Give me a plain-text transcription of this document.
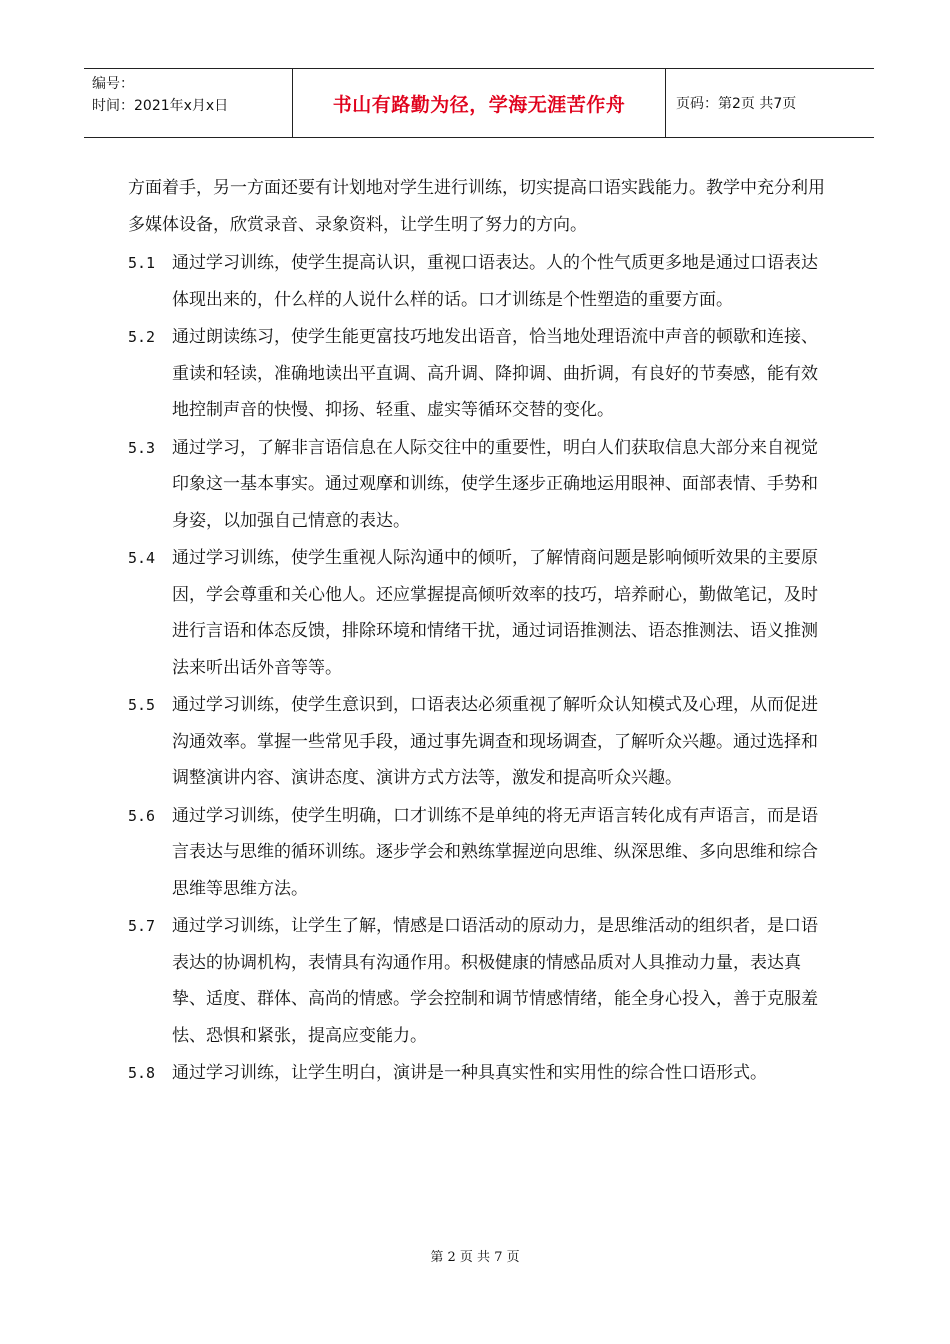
编号：
时间：2021年x月x日	书山有路勤为径，学海无涯苦作舟	页码：第2页 共7页

方面着手，另一方面还要有计划地对学生进行训练，切实提高口语实践能力。教学中充分利用多媒体设备，欣赏录音、录象资料，让学生明了努力的方向。

5.1 通过学习训练，使学生提高认识，重视口语表达。人的个性气质更多地是通过口语表达体现出来的，什么样的人说什么样的话。口才训练是个性塑造的重要方面。
5.2 通过朗读练习，使学生能更富技巧地发出语音，恰当地处理语流中声音的顿歇和连接、重读和轻读，准确地读出平直调、高升调、降抑调、曲折调，有良好的节奏感，能有效地控制声音的快慢、抑扬、轻重、虚实等循环交替的变化。
5.3 通过学习，了解非言语信息在人际交往中的重要性，明白人们获取信息大部分来自视觉印象这一基本事实。通过观摩和训练，使学生逐步正确地运用眼神、面部表情、手势和身姿，以加强自己情意的表达。
5.4 通过学习训练，使学生重视人际沟通中的倾听，了解情商问题是影响倾听效果的主要原因，学会尊重和关心他人。还应掌握提高倾听效率的技巧，培养耐心，勤做笔记，及时进行言语和体态反馈，排除环境和情绪干扰，通过词语推测法、语态推测法、语义推测法来听出话外音等等。
5.5 通过学习训练，使学生意识到，口语表达必须重视了解听众认知模式及心理，从而促进沟通效率。掌握一些常见手段，通过事先调查和现场调查，了解听众兴趣。通过选择和调整演讲内容、演讲态度、演讲方式方法等，激发和提高听众兴趣。
5.6 通过学习训练，使学生明确，口才训练不是单纯的将无声语言转化成有声语言，而是语言表达与思维的循环训练。逐步学会和熟练掌握逆向思维、纵深思维、多向思维和综合思维等思维方法。
5.7 通过学习训练，让学生了解，情感是口语活动的原动力，是思维活动的组织者，是口语表达的协调机构，表情具有沟通作用。积极健康的情感品质对人具推动力量，表达真挚、适度、群体、高尚的情感。学会控制和调节情感情绪，能全身心投入，善于克服羞怯、恐惧和紧张，提高应变能力。
5.8 通过学习训练，让学生明白，演讲是一种具真实性和实用性的综合性口语形式。
第 2 页 共 7 页
